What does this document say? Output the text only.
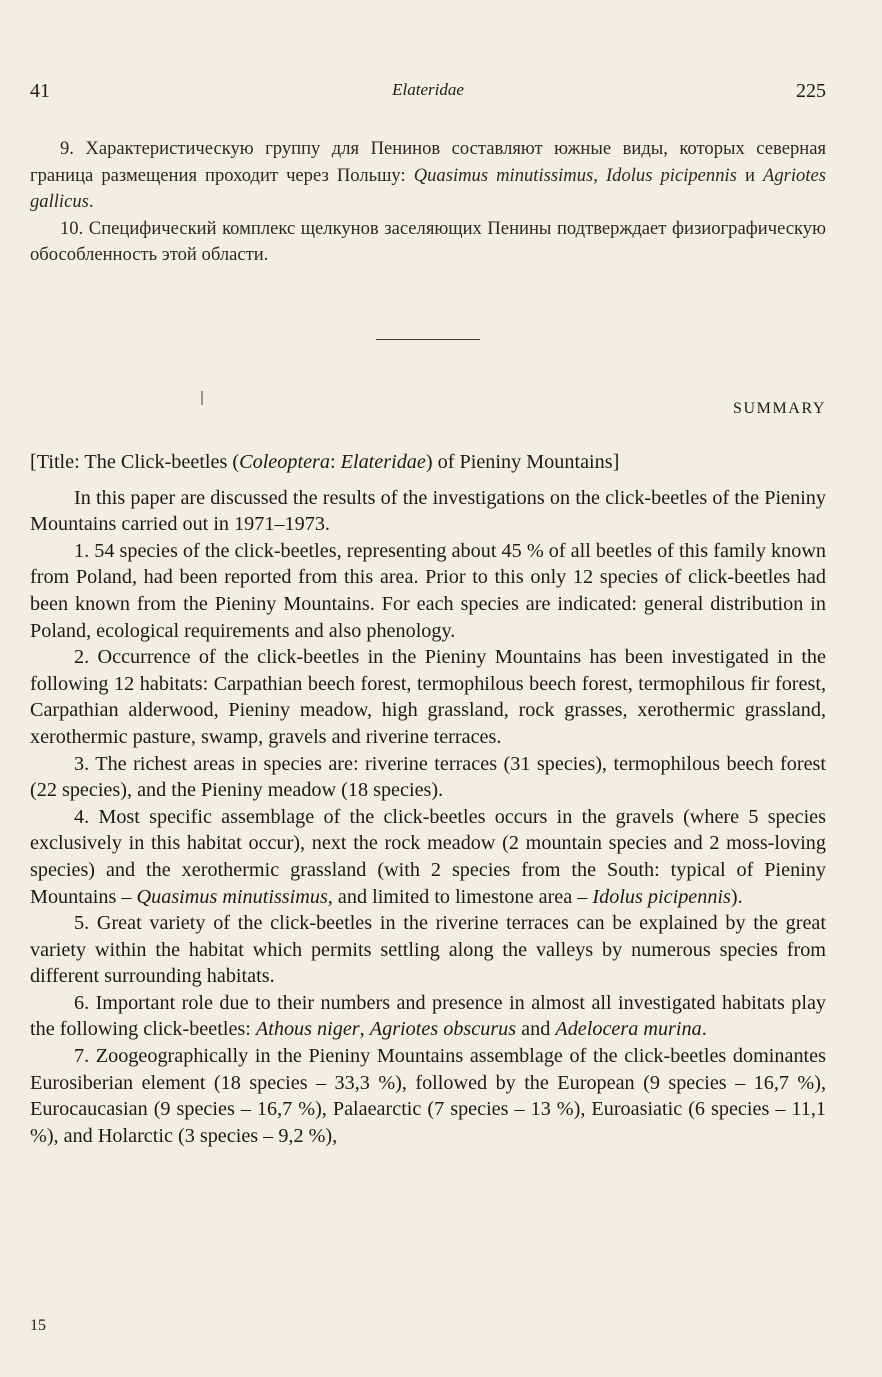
41	Elateridae	225

9. Характеристическую группу для Пенинов составляют южные виды, которых северная граница размещения проходит через Польшу: Quasimus minutissimus, Idolus picipennis и Agriotes gallicus.

10. Специфический комплекс щелкунов заселяющих Пенины подтверждает физиографическую обособленность этой области.

SUMMARY

[Title: The Click-beetles (Coleoptera: Elateridae) of Pieniny Mountains]

In this paper are discussed the results of the investigations on the click-beetles of the Pieniny Mountains carried out in 1971–1973.

1. 54 species of the click-beetles, representing about 45 % of all beetles of this family known from Poland, had been reported from this area. Prior to this only 12 species of click-beetles had been known from the Pieniny Mountains. For each species are indicated: general distribution in Poland, ecological requirements and also phenology.

2. Occurrence of the click-beetles in the Pieniny Mountains has been investigated in the following 12 habitats: Carpathian beech forest, termophilous beech forest, termophilous fir forest, Carpathian alderwood, Pieniny meadow, high grassland, rock grasses, xerothermic grassland, xerothermic pasture, swamp, gravels and riverine terraces.

3. The richest areas in species are: riverine terraces (31 species), termophilous beech forest (22 species), and the Pieniny meadow (18 species).

4. Most specific assemblage of the click-beetles occurs in the gravels (where 5 species exclusively in this habitat occur), next the rock meadow (2 mountain species and 2 moss-loving species) and the xerothermic grassland (with 2 species from the South: typical of Pieniny Mountains – Quasimus minutissimus, and limited to limestone area – Idolus picipennis).

5. Great variety of the click-beetles in the riverine terraces can be explained by the great variety within the habitat which permits settling along the valleys by numerous species from different surrounding habitats.

6. Important role due to their numbers and presence in almost all investigated habitats play the following click-beetles: Athous niger, Agriotes obscurus and Adelocera murina.

7. Zoogeographically in the Pieniny Mountains assemblage of the click-beetles dominantes Eurosiberian element (18 species – 33,3 %), followed by the European (9 species – 16,7 %), Eurocaucasian (9 species – 16,7 %), Palaearctic (7 species – 13 %), Euroasiatic (6 species – 11,1 %), and Holarctic (3 species – 9,2 %),

15
